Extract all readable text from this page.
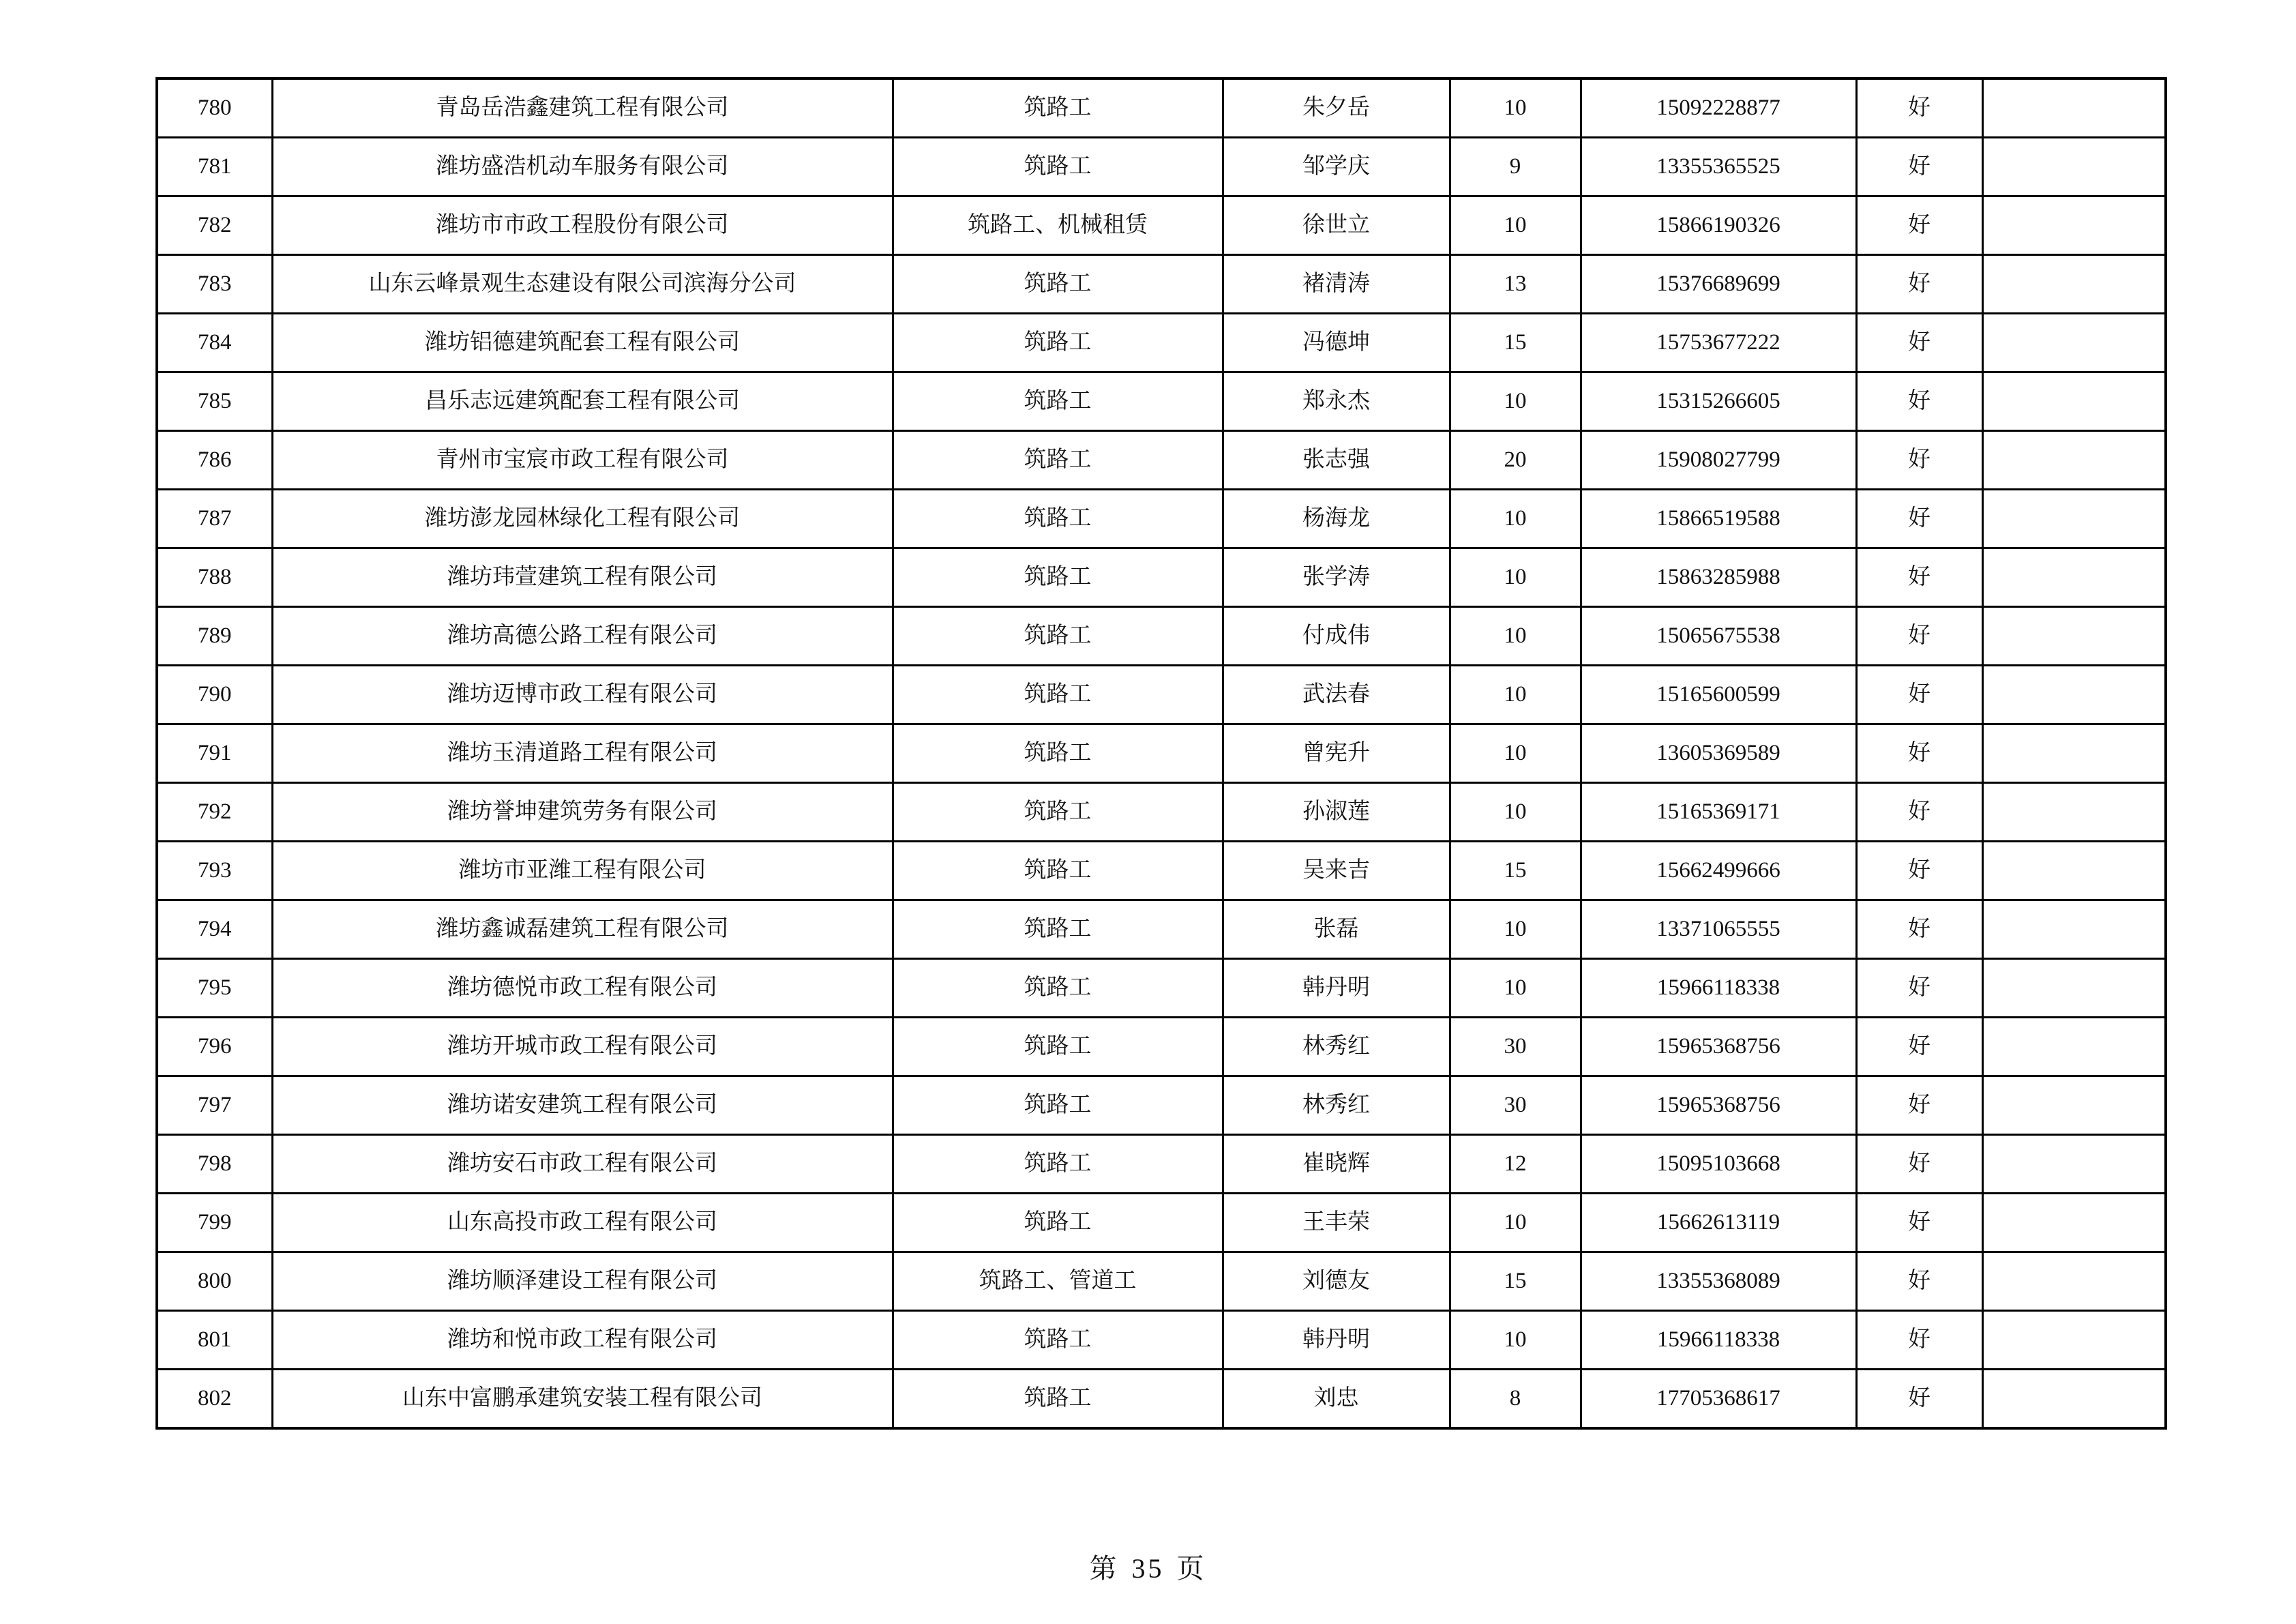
780	青岛岳浩鑫建筑工程有限公司	筑路工	朱夕岳	10	15092228877	好	
781	潍坊盛浩机动车服务有限公司	筑路工	邹学庆	9	13355365525	好	
782	潍坊市市政工程股份有限公司	筑路工、机械租赁	徐世立	10	15866190326	好	
783	山东云峰景观生态建设有限公司滨海分公司	筑路工	褚清涛	13	15376689699	好	
784	潍坊铝德建筑配套工程有限公司	筑路工	冯德坤	15	15753677222	好	
785	昌乐志远建筑配套工程有限公司	筑路工	郑永杰	10	15315266605	好	
786	青州市宝宸市政工程有限公司	筑路工	张志强	20	15908027799	好	
787	潍坊澎龙园林绿化工程有限公司	筑路工	杨海龙	10	15866519588	好	
788	潍坊玮萱建筑工程有限公司	筑路工	张学涛	10	15863285988	好	
789	潍坊高德公路工程有限公司	筑路工	付成伟	10	15065675538	好	
790	潍坊迈博市政工程有限公司	筑路工	武法春	10	15165600599	好	
791	潍坊玉清道路工程有限公司	筑路工	曾宪升	10	13605369589	好	
792	潍坊誉坤建筑劳务有限公司	筑路工	孙淑莲	10	15165369171	好	
793	潍坊市亚潍工程有限公司	筑路工	吴来吉	15	15662499666	好	
794	潍坊鑫诚磊建筑工程有限公司	筑路工	张磊	10	13371065555	好	
795	潍坊德悦市政工程有限公司	筑路工	韩丹明	10	15966118338	好	
796	潍坊开城市政工程有限公司	筑路工	林秀红	30	15965368756	好	
797	潍坊诺安建筑工程有限公司	筑路工	林秀红	30	15965368756	好	
798	潍坊安石市政工程有限公司	筑路工	崔晓辉	12	15095103668	好	
799	山东高投市政工程有限公司	筑路工	王丰荣	10	15662613119	好	
800	潍坊顺泽建设工程有限公司	筑路工、管道工	刘德友	15	13355368089	好	
801	潍坊和悦市政工程有限公司	筑路工	韩丹明	10	15966118338	好	
802	山东中富鹏承建筑安装工程有限公司	筑路工	刘忠	8	17705368617	好	
第 35 页
